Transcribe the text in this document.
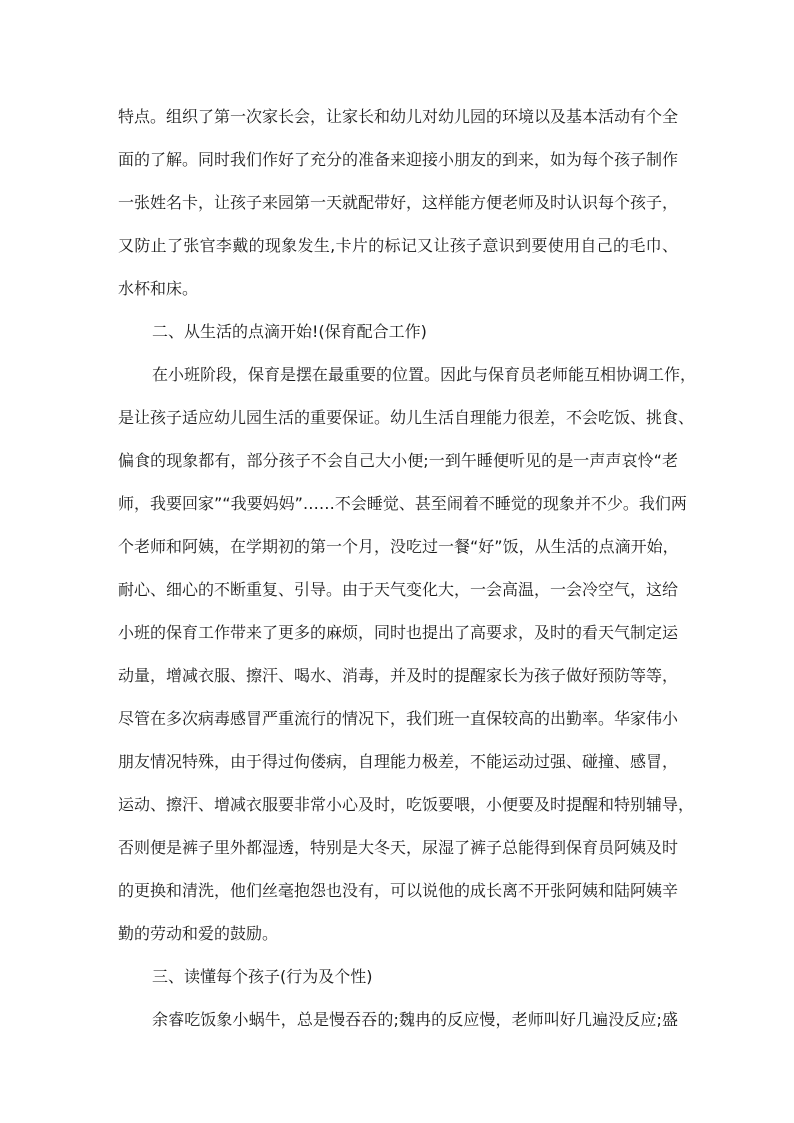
特点。组织了第一次家长会，让家长和幼儿对幼儿园的环境以及基本活动有个全
面的了解。同时我们作好了充分的准备来迎接小朋友的到来，如为每个孩子制作
一张姓名卡，让孩子来园第一天就配带好，这样能方便老师及时认识每个孩子，
又防止了张官李戴的现象发生,卡片的标记又让孩子意识到要使用自己的毛巾、
水杯和床。
二、从生活的点滴开始!(保育配合工作)
在小班阶段，保育是摆在最重要的位置。因此与保育员老师能互相协调工作，
是让孩子适应幼儿园生活的重要保证。幼儿生活自理能力很差，不会吃饭、挑食、
偏食的现象都有，部分孩子不会自己大小便;一到午睡便听见的是一声声哀怜“老
师，我要回家”“我要妈妈”……不会睡觉、甚至闹着不睡觉的现象并不少。我们两
个老师和阿姨，在学期初的第一个月，没吃过一餐“好”饭，从生活的点滴开始，
耐心、细心的不断重复、引导。由于天气变化大，一会高温，一会冷空气，这给
小班的保育工作带来了更多的麻烦，同时也提出了高要求，及时的看天气制定运
动量，增减衣服、擦汗、喝水、消毒，并及时的提醒家长为孩子做好预防等等，
尽管在多次病毒感冒严重流行的情况下，我们班一直保较高的出勤率。华家伟小
朋友情况特殊，由于得过佝偻病，自理能力极差，不能运动过强、碰撞、感冒，
运动、擦汗、增减衣服要非常小心及时，吃饭要喂，小便要及时提醒和特别辅导，
否则便是裤子里外都湿透，特别是大冬天，尿湿了裤子总能得到保育员阿姨及时
的更换和清洗，他们丝毫抱怨也没有，可以说他的成长离不开张阿姨和陆阿姨辛
勤的劳动和爱的鼓励。
三、读懂每个孩子(行为及个性)
余睿吃饭象小蜗牛，总是慢吞吞的;魏冉的反应慢，老师叫好几遍没反应;盛
